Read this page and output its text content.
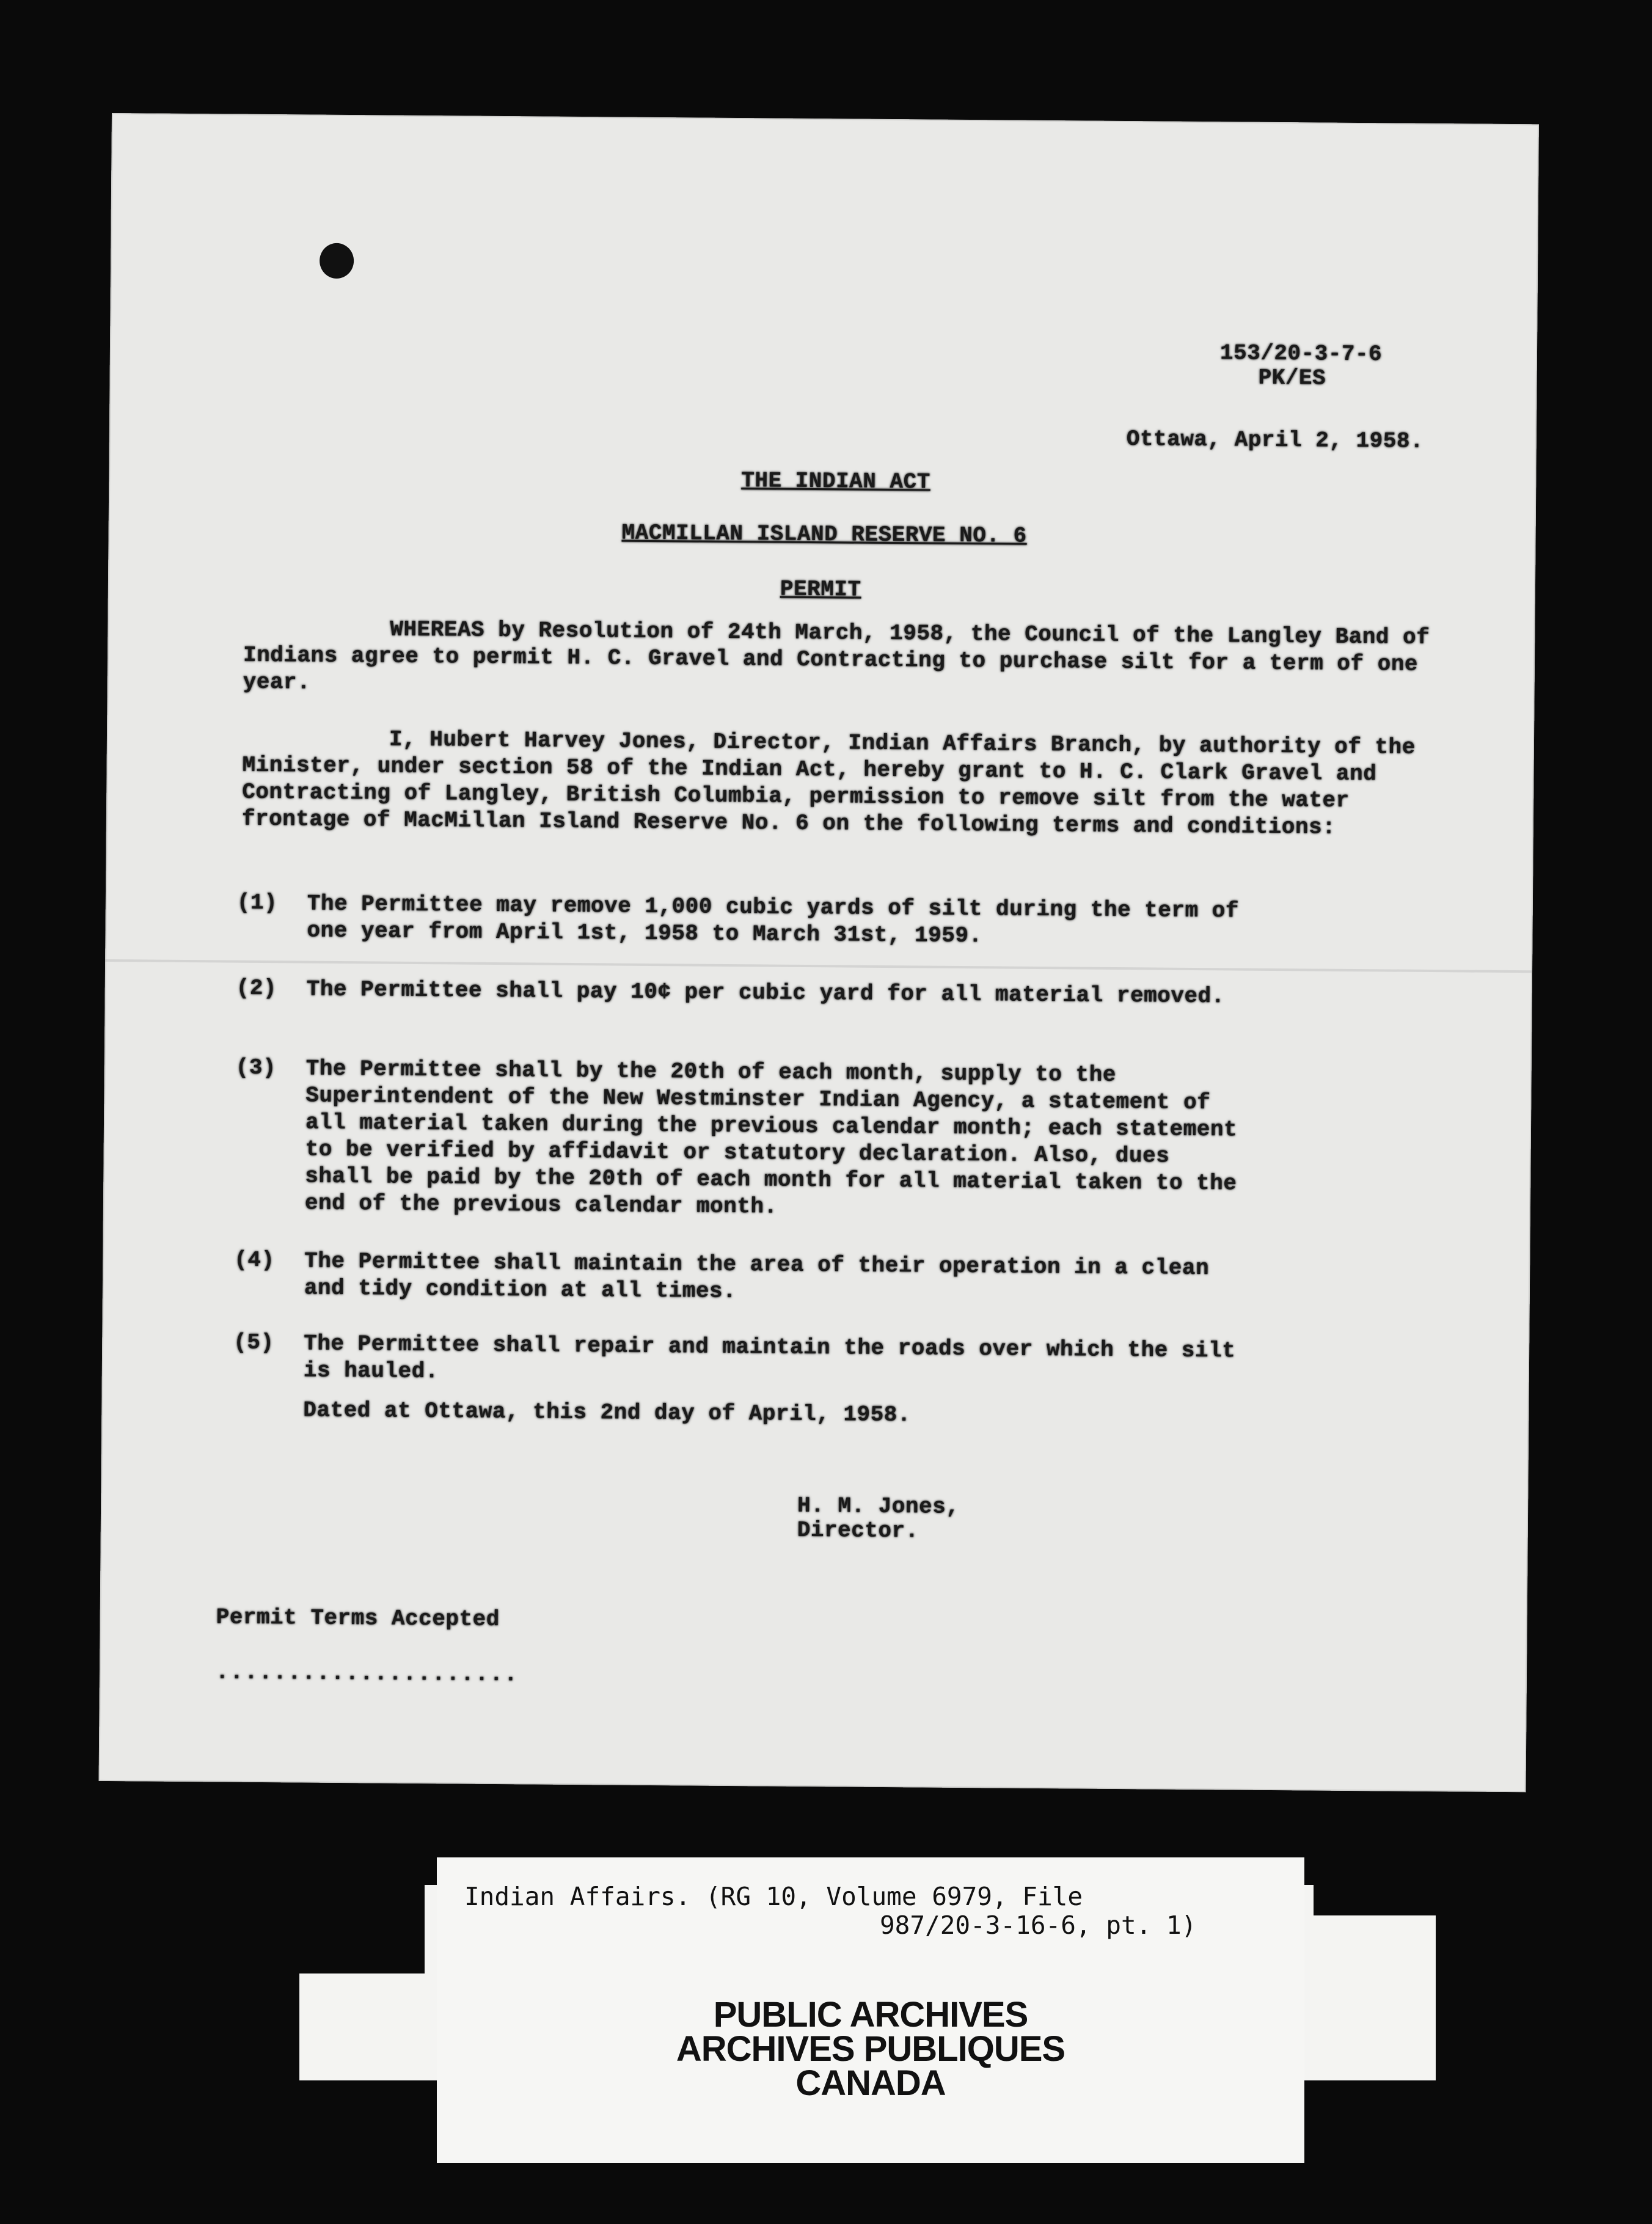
153/20-3-7-6
PK/ES
Ottawa, April 2, 1958.
THE INDIAN ACT
MACMILLAN ISLAND RESERVE NO. 6
PERMIT
WHEREAS by Resolution of 24th March, 1958, the Council of the Langley Band of Indians agree to permit H. C. Gravel and Contracting to purchase silt for a term of one year.
I, Hubert Harvey Jones, Director, Indian Affairs Branch, by authority of the Minister, under section 58 of the Indian Act, hereby grant to H. C. Clark Gravel and Contracting of Langley, British Columbia, permission to remove silt from the water frontage of MacMillan Island Reserve No. 6 on the following terms and conditions:
(1) The Permittee may remove 1,000 cubic yards of silt during the term of one year from April 1st, 1958 to March 31st, 1959.
(2) The Permittee shall pay 10¢ per cubic yard for all material removed.
(3) The Permittee shall by the 20th of each month, supply to the Superintendent of the New Westminster Indian Agency, a statement of all material taken during the previous calendar month; each statement to be verified by affidavit or statutory declaration. Also, dues shall be paid by the 20th of each month for all material taken to the end of the previous calendar month.
(4) The Permittee shall maintain the area of their operation in a clean and tidy condition at all times.
(5) The Permittee shall repair and maintain the roads over which the silt is hauled.
Dated at Ottawa, this 2nd day of April, 1958.
H. M. Jones,
Director.
Permit Terms Accepted
.....................
Indian Affairs. (RG 10, Volume 6979, File
987/20-3-16-6, pt. 1)
PUBLIC ARCHIVES
ARCHIVES PUBLIQUES
CANADA
